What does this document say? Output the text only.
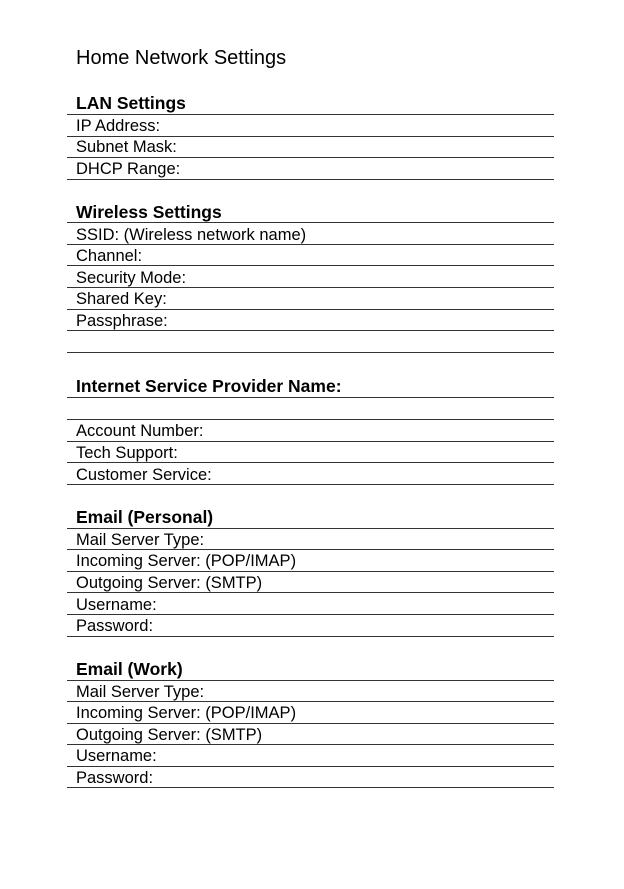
Home Network Settings
LAN Settings
IP Address:
Subnet Mask:
DHCP Range:
Wireless Settings
SSID: (Wireless network name)
Channel:
Security Mode:
Shared Key:
Passphrase:
Internet Service Provider Name:
Account Number:
Tech Support:
Customer Service:
Email (Personal)
Mail Server Type:
Incoming Server: (POP/IMAP)
Outgoing Server: (SMTP)
Username:
Password:
Email (Work)
Mail Server Type:
Incoming Server: (POP/IMAP)
Outgoing Server: (SMTP)
Username:
Password:
